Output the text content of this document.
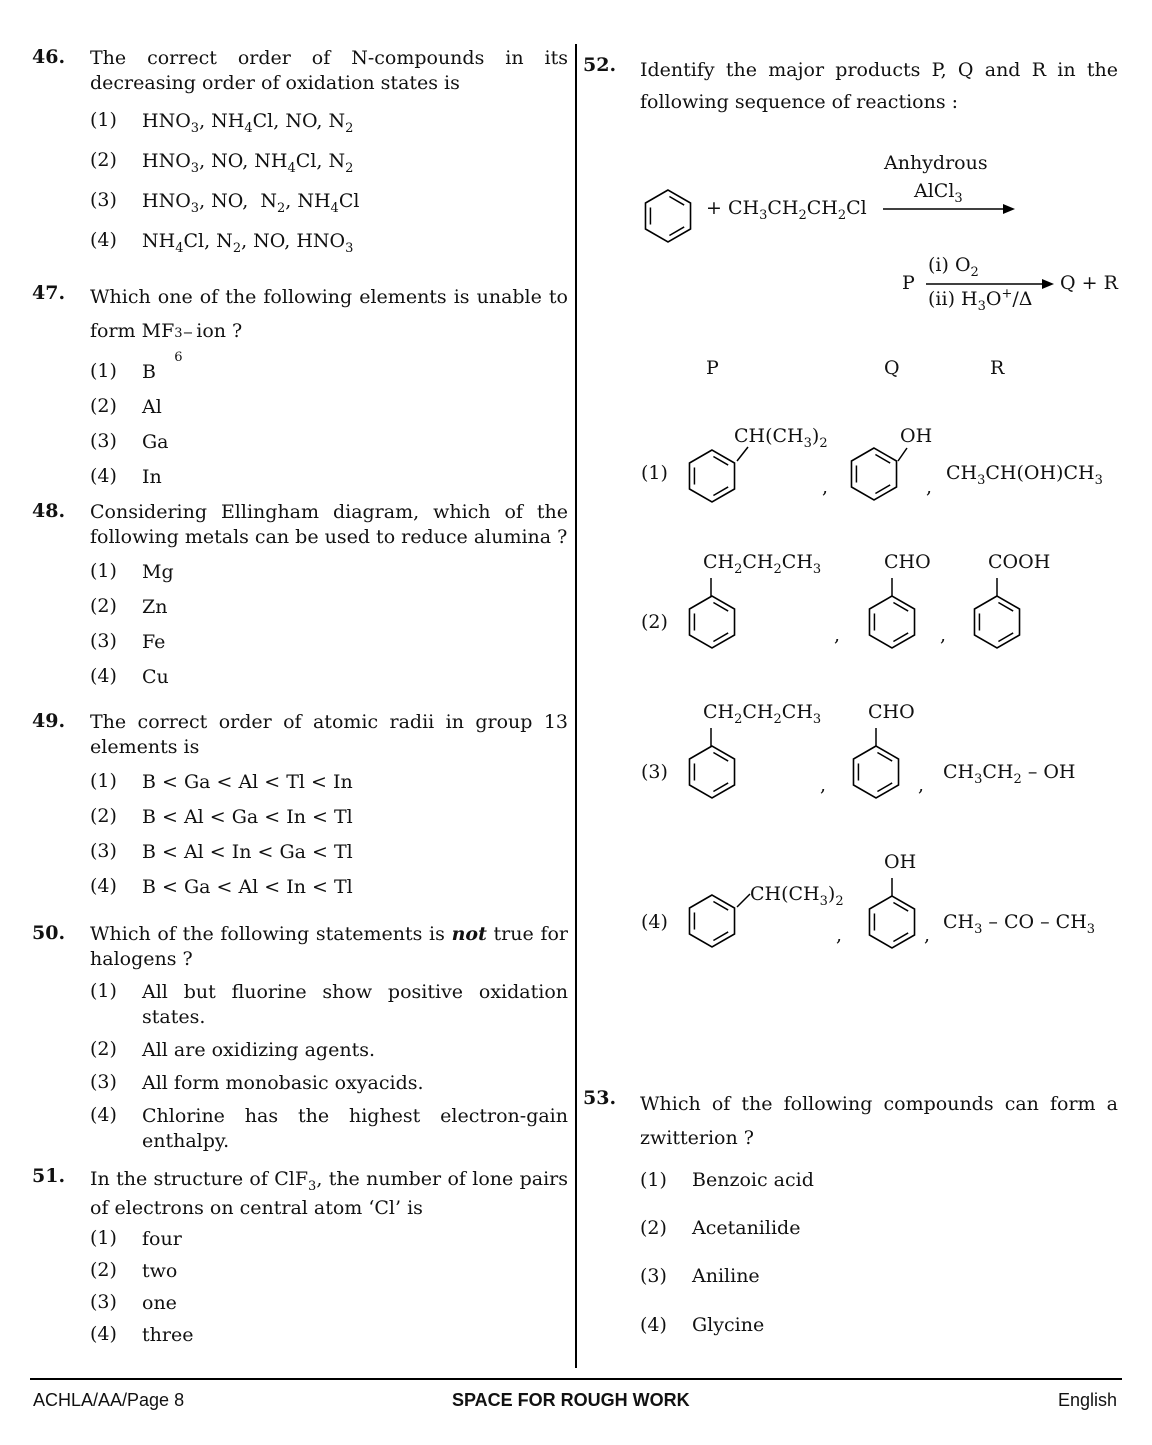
46. The correct order of N-compounds in its decreasing order of oxidation states is
(1) $HNO_3$, $NH_4Cl$, NO, $N_2$
(2) $HNO_3$, NO, $NH_4Cl$, $N_2$
(3) $HNO_3$, NO,  $N_2$, $NH_4Cl$
(4) $NH_4Cl$, $N_2$, NO, $HNO_3$
47. Which one of the following elements is unable to form MF 3−
6
ion ?
(1) B
(2) Al
(3) Ga
(4) In
48. Considering Ellingham diagram, which of the following metals can be used to reduce alumina ?
(1) Mg
(2) Zn
(3) Fe
(4) Cu
49. The correct order of atomic radii in group 13 elements is
(1) B < Ga < Al < Tl < In
(2) B < Al < Ga < In < Tl
(3) B < Al < In < Ga < Tl
(4) B < Ga < Al < In < Tl
50. Which of the following statements is not true for halogens ?
(1) All but fluorine show positive oxidation states.
(2) All are oxidizing agents.
(3) All form monobasic oxyacids.
(4) Chlorine has the highest electron-gain enthalpy.
51. In the structure of ClF$_3$, the number of lone pairs of electrons on central atom ‘Cl’ is
(1) four
(2) two
(3) one
(4) three
52. Identify the major products P, Q and R in the following sequence of reactions :
+ $CH_3CH_2CH_2Cl$
Anhydrous
AlCl$_3$
P
(i) $O_2$
(ii) $H_3O^+/\Delta$
Q + R
P	Q	R
(1)
$CH(CH_3)_2$
,
OH
,
$CH_3CH(OH)CH_3$
(2)
$CH_2CH_2CH_3$
,
CHO
,
COOH
(3)
$CH_2CH_2CH_3$
,
CHO
,
$CH_3CH_2$ – OH
(4)
$CH(CH_3)_2$
,
OH
,
$CH_3$ – CO – $CH_3$
53. Which of the following compounds can form a zwitterion ?
(1) Benzoic acid
(2) Acetanilide
(3) Aniline
(4) Glycine
ACHLA/AA/Page 8	SPACE FOR ROUGH WORK	English
